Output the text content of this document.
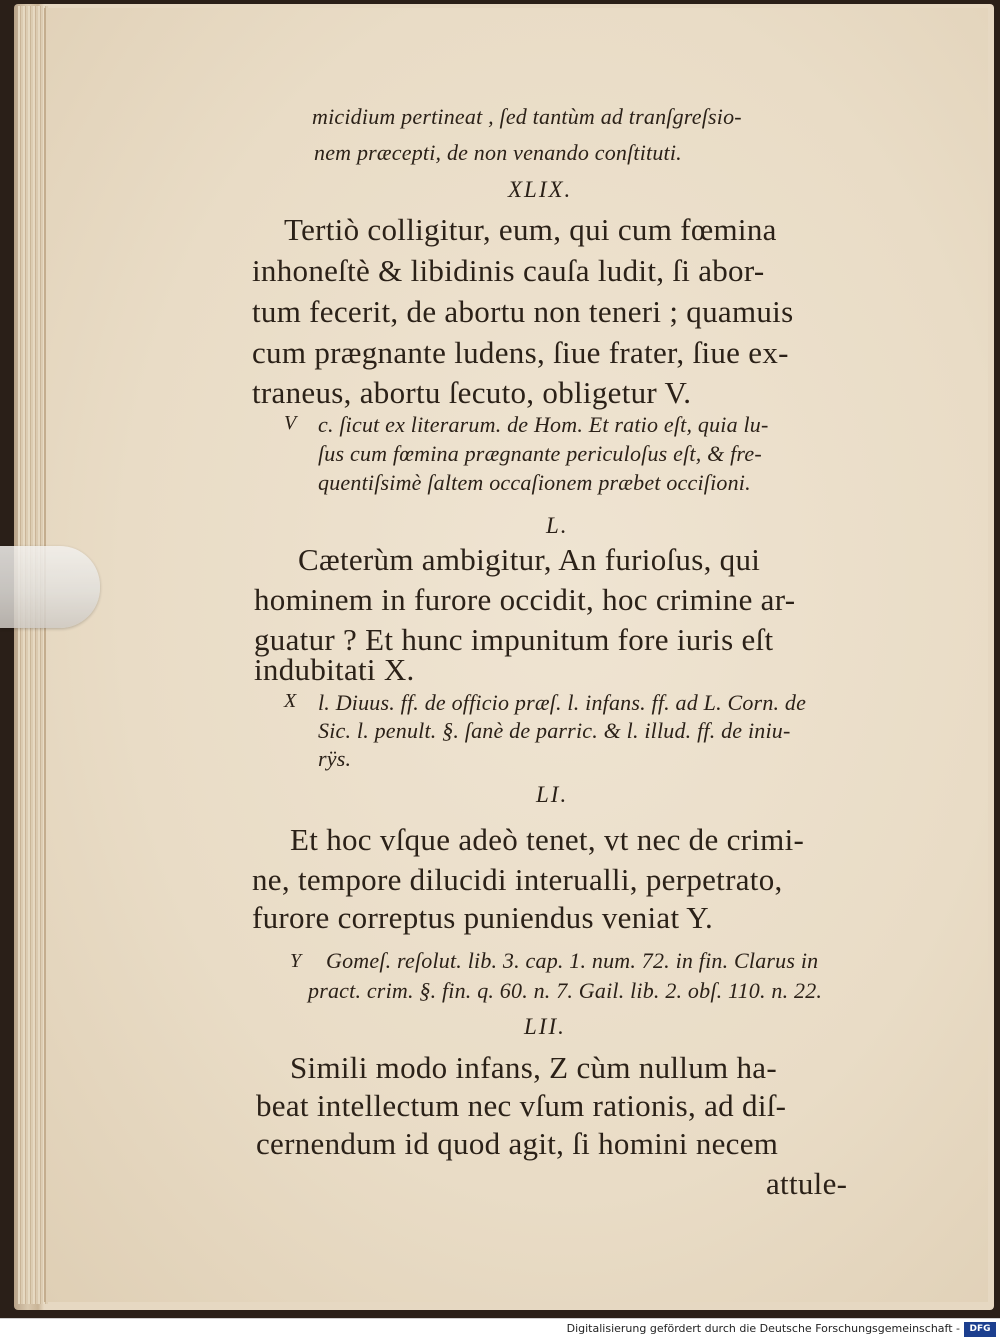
micidium pertineat , ſed tantùm ad tranſgreſsio-
nem præcepti, de non venando conſtituti.
XLIX.
Tertiò colligitur, eum, qui cum fœmina
inhoneſtè & libidinis cauſa ludit, ſi abor-
tum fecerit, de abortu non teneri ; quamuis
cum prægnante ludens, ſiue frater, ſiue ex-
traneus, abortu ſecuto, obligetur V.
V c. ſicut ex literarum. de Hom. Et ratio eſt, quia lu-
ſus cum fœmina prægnante periculoſus eſt, & fre-
quentiſsimè ſaltem occaſionem præbet occiſioni.
L.
Cæterùm ambigitur, An furioſus, qui
hominem in furore occidit, hoc crimine ar-
guatur ? Et hunc impunitum fore iuris eſt
indubitati X.
X l. Diuus. ff. de officio præſ. l. infans. ff. ad L. Corn. de
Sic. l. penult. §. ſanè de parric. & l. illud. ff. de iniu-
rÿs.
LI.
Et hoc vſque adeò tenet, vt nec de crimi-
ne, tempore dilucidi interualli, perpetrato,
furore correptus puniendus veniat Y.
Y Gomeſ. reſolut. lib. 3. cap. 1. num. 72. in fin. Clarus in
pract. crim. §. fin. q. 60. n. 7. Gail. lib. 2. obſ. 110. n. 22.
LII.
Simili modo infans, Z cùm nullum ha-
beat intellectum nec vſum rationis, ad diſ-
cernendum id quod agit, ſi homini necem
attule-
Digitalisierung gefördert durch die Deutsche Forschungsgemeinschaft -	DFG
